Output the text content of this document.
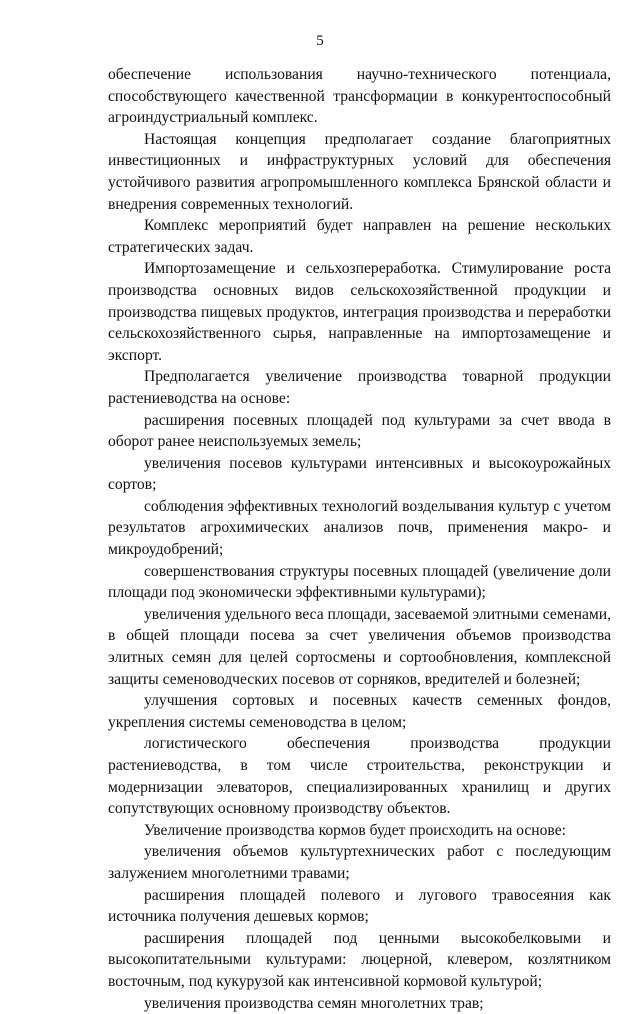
5

обеспечение использования научно-технического потенциала, способствующего качественной трансформации в конкурентоспособный агроиндустриальный комплекс.

Настоящая концепция предполагает создание благоприятных инвестиционных и инфраструктурных условий для обеспечения устойчивого развития агропромышленного комплекса Брянской области и внедрения современных технологий.

Комплекс мероприятий будет направлен на решение нескольких стратегических задач.

Импортозамещение и сельхозпереработка. Стимулирование роста производства основных видов сельскохозяйственной продукции и производства пищевых продуктов, интеграция производства и переработки сельскохозяйственного сырья, направленные на импортозамещение и экспорт.

Предполагается увеличение производства товарной продукции растениеводства на основе:

расширения посевных площадей под культурами за счет ввода в оборот ранее неиспользуемых земель;

увеличения посевов культурами интенсивных и высокоурожайных сортов;

соблюдения эффективных технологий возделывания культур с учетом результатов агрохимических анализов почв, применения макро- и микроудобрений;

совершенствования структуры посевных площадей (увеличение доли площади под экономически эффективными культурами);

увеличения удельного веса площади, засеваемой элитными семенами, в общей площади посева за счет увеличения объемов производства элитных семян для целей сортосмены и сортообновления, комплексной защиты семеноводческих посевов от сорняков, вредителей и болезней;

улучшения сортовых и посевных качеств семенных фондов, укрепления системы семеноводства в целом;

логистического обеспечения производства продукции растениеводства, в том числе строительства, реконструкции и модернизации элеваторов, специализированных хранилищ и других сопутствующих основному производству объектов.

Увеличение производства кормов будет происходить на основе:

увеличения объемов культуртехнических работ с последующим залужением многолетними травами;

расширения площадей полевого и лугового травосеяния как источника получения дешевых кормов;

расширения площадей под ценными высокобелковыми и высокопитательными культурами: люцерной, клевером, козлятником восточным, под кукурузой как интенсивной кормовой культурой;

увеличения производства семян многолетних трав;
